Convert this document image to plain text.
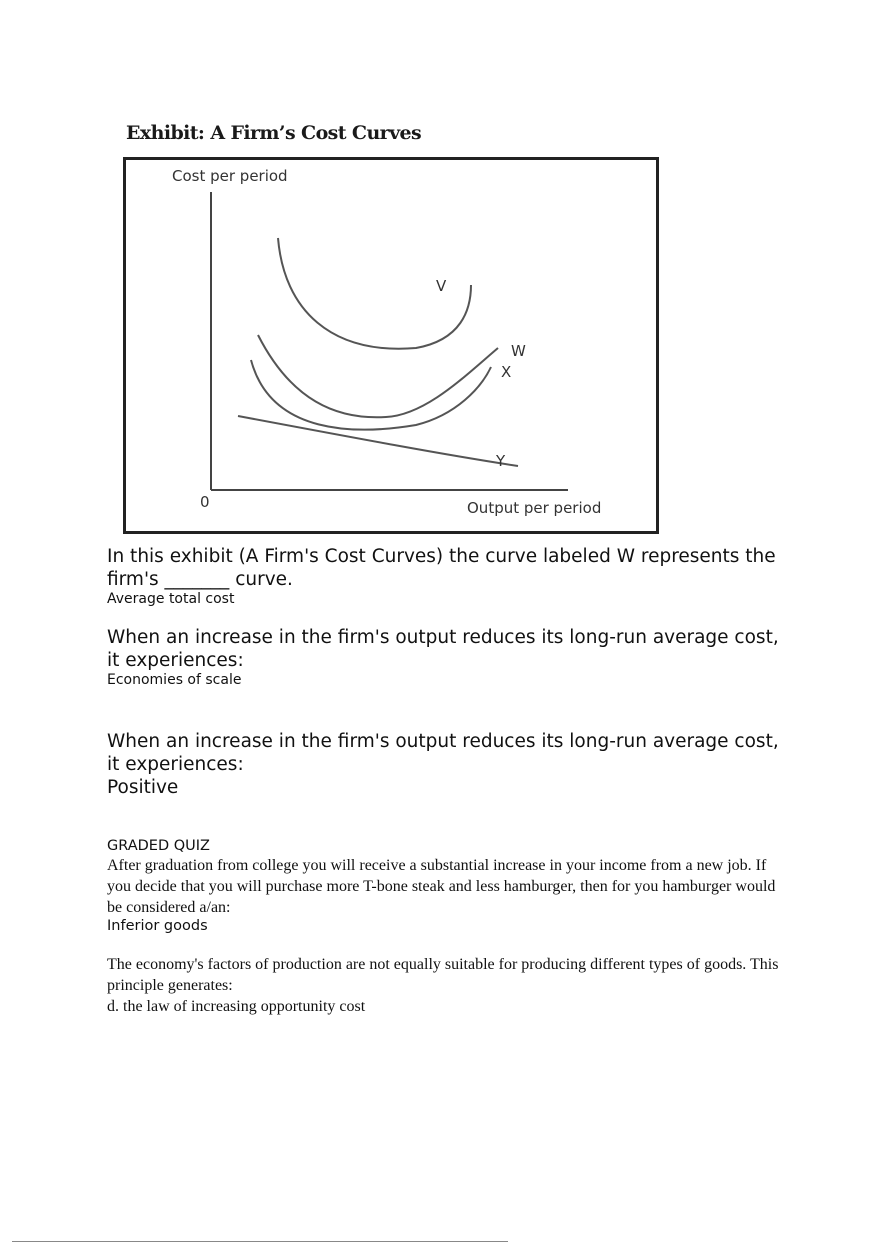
Exhibit: A Firm’s Cost Curves
Cost per period
Output per period
0
V
W
X
Y

In this exhibit (A Firm's Cost Curves) the curve labeled W represents the firm's _______ curve.

Average total cost

When an increase in the firm's output reduces its long-run average cost, it experiences:

Economies of scale

When an increase in the firm's output reduces its long-run average cost, it experiences:

Positive

GRADED QUIZ

After graduation from college you will receive a substantial increase in your income from a new job. If you decide that you will purchase more T-bone steak and less hamburger, then for you hamburger would be considered a/an:

Inferior goods

The economy's factors of production are not equally suitable for producing different types of goods. This principle generates:

d. the law of increasing opportunity cost
